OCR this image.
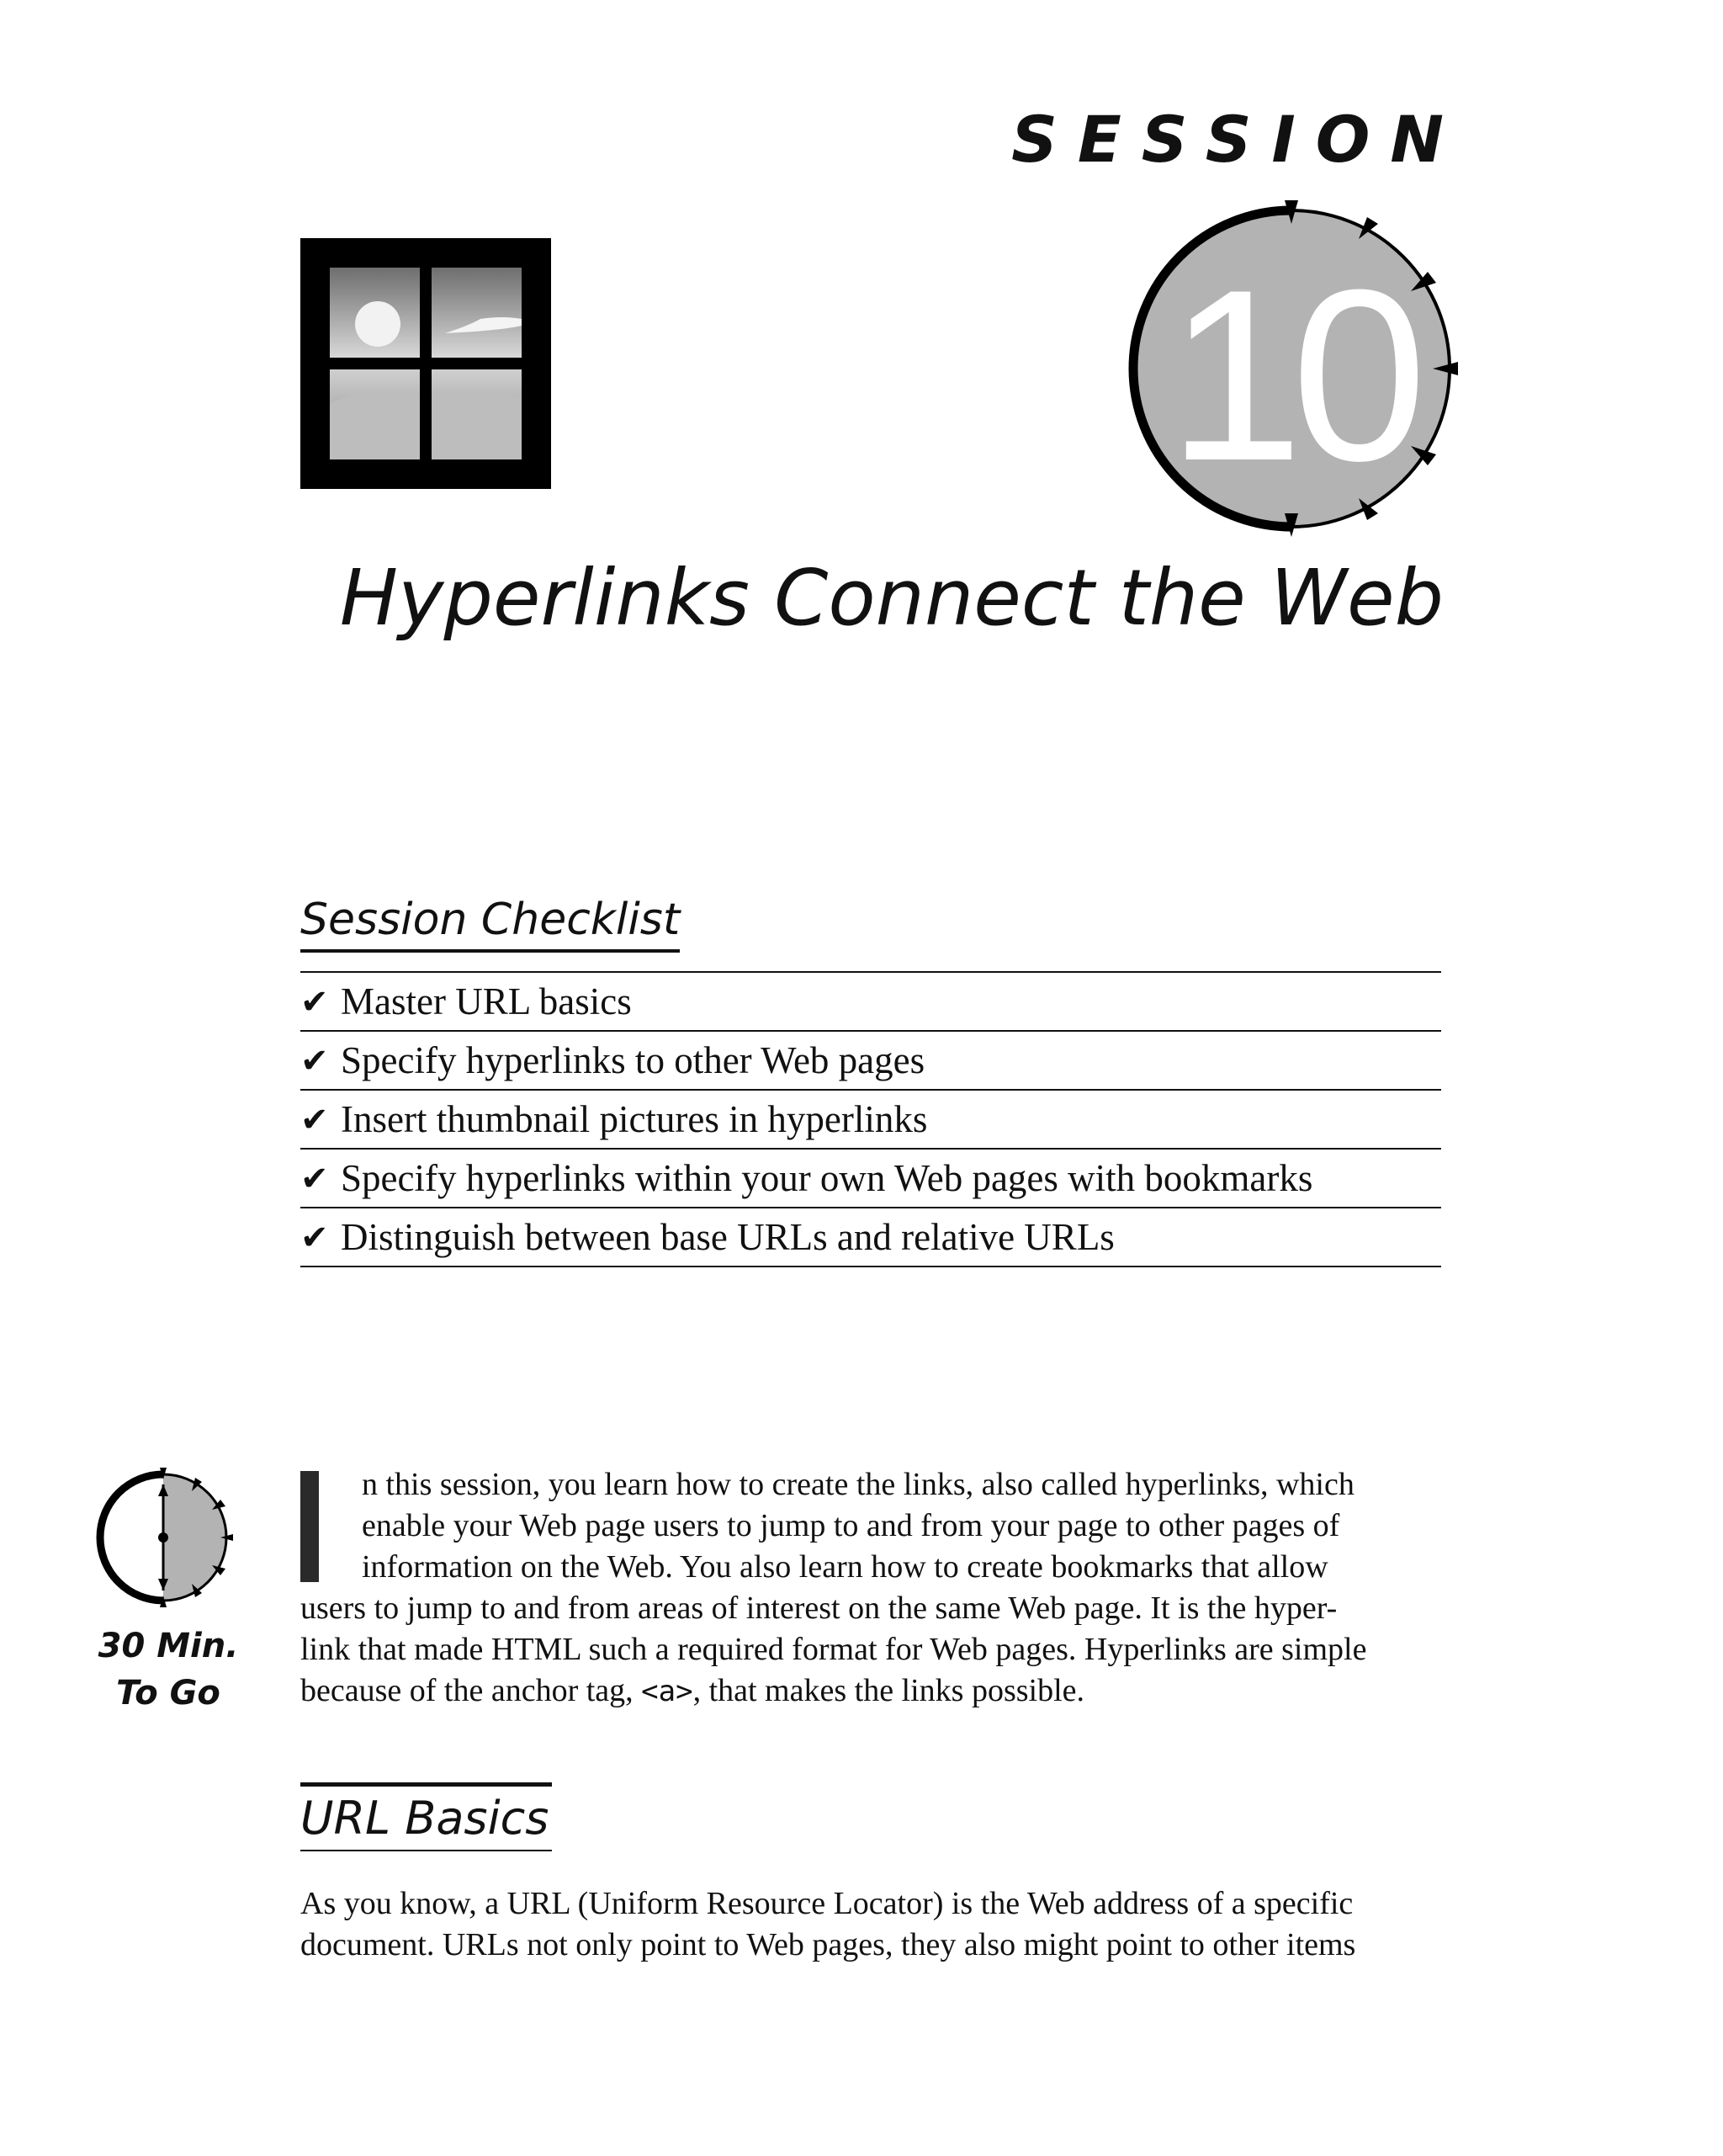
SESSION
10
Hyperlinks Connect the Web
Session Checklist
✔ Master URL basics
✔ Specify hyperlinks to other Web pages
✔ Insert thumbnail pictures in hyperlinks
✔ Specify hyperlinks within your own Web pages with bookmarks
✔ Distinguish between base URLs and relative URLs
30 Min.
To Go
n this session, you learn how to create the links, also called hyperlinks, which
enable your Web page users to jump to and from your page to other pages of
information on the Web. You also learn how to create bookmarks that allow
users to jump to and from areas of interest on the same Web page. It is the hyper-
link that made HTML such a required format for Web pages. Hyperlinks are simple
because of the anchor tag, <a>, that makes the links possible.
URL Basics
As you know, a URL (Uniform Resource Locator) is the Web address of a specific
document. URLs not only point to Web pages, they also might point to other items
